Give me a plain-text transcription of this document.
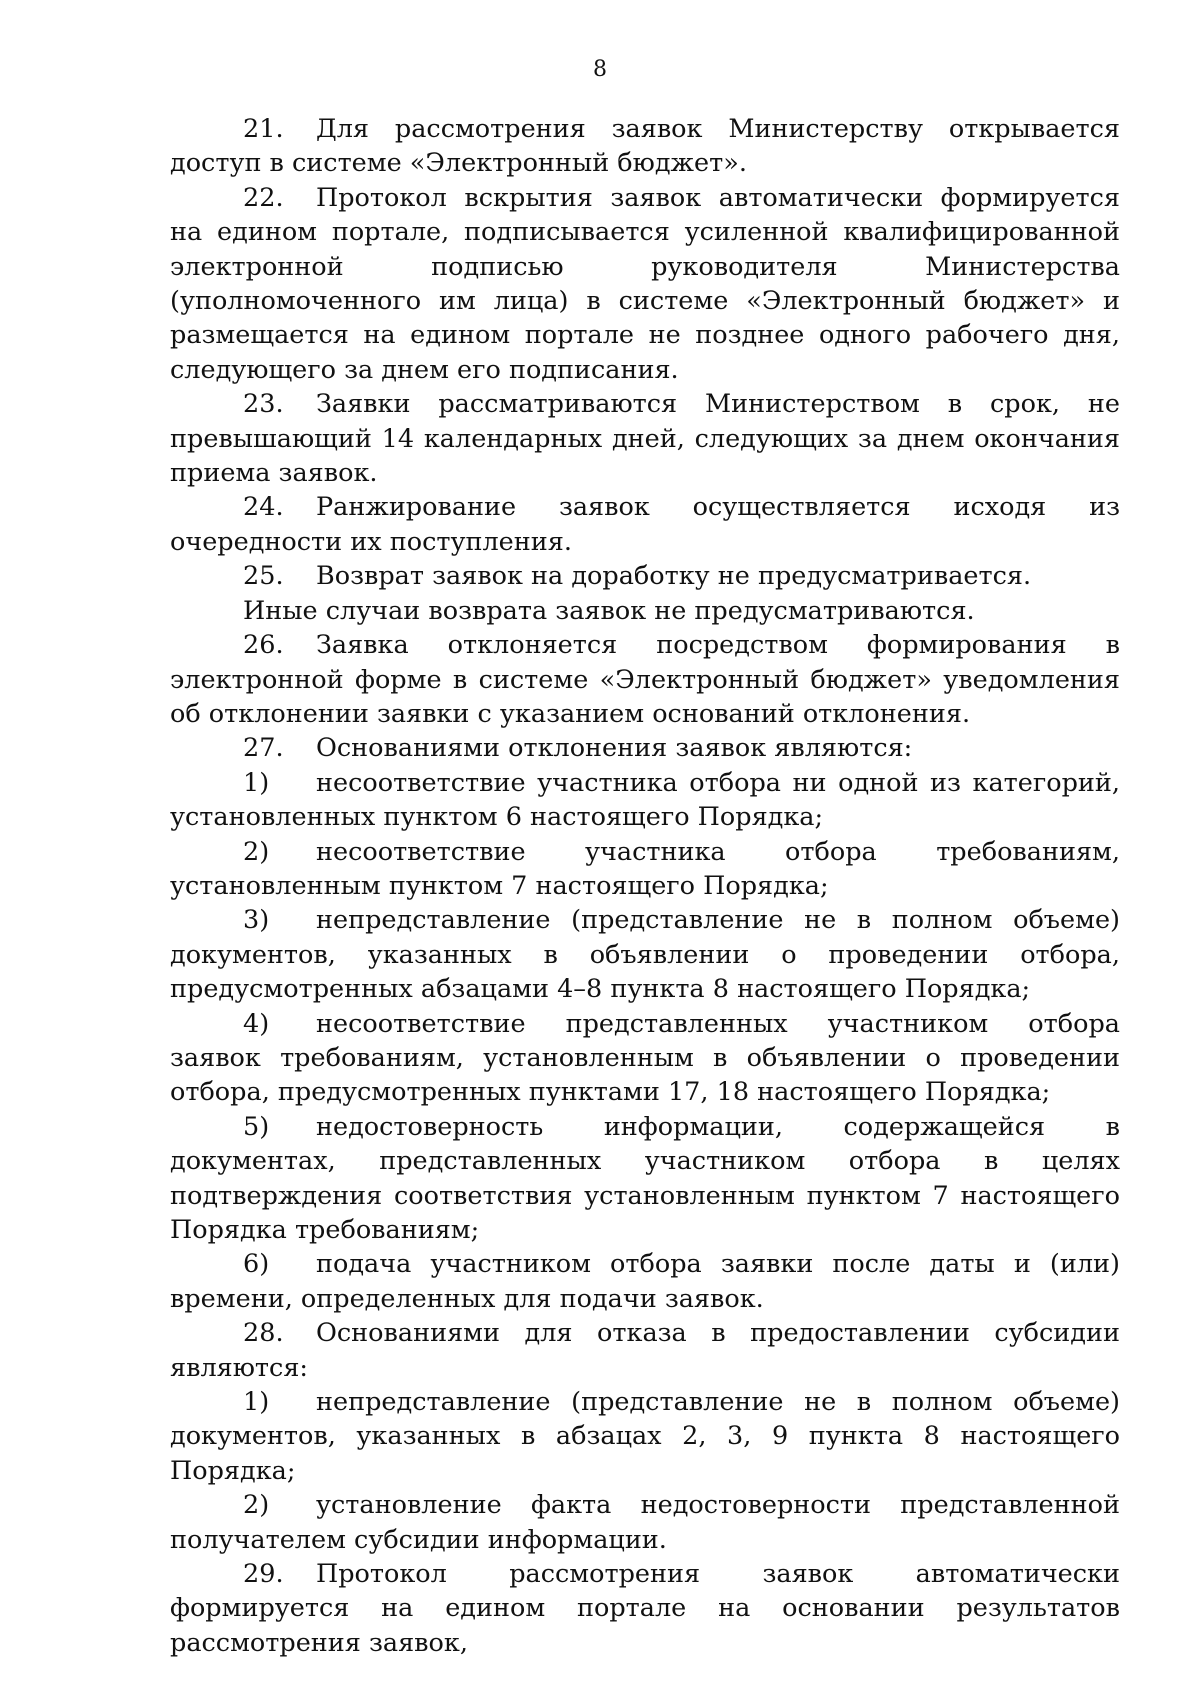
8

21. Для рассмотрения заявок Министерству открывается доступ в системе «Электронный бюджет».

22. Протокол вскрытия заявок автоматически формируется на едином портале, подписывается усиленной квалифицированной электронной подписью руководителя Министерства (уполномоченного им лица) в системе «Электронный бюджет» и размещается на едином портале не позднее одного рабочего дня, следующего за днем его подписания.

23. Заявки рассматриваются Министерством в срок, не превышающий 14 календарных дней, следующих за днем окончания приема заявок.

24. Ранжирование заявок осуществляется исходя из очередности их поступления.

25. Возврат заявок на доработку не предусматривается.

Иные случаи возврата заявок не предусматриваются.

26. Заявка отклоняется посредством формирования в электронной форме в системе «Электронный бюджет» уведомления об отклонении заявки с указанием оснований отклонения.

27. Основаниями отклонения заявок являются:

1) несоответствие участника отбора ни одной из категорий, установленных пунктом 6 настоящего Порядка;

2) несоответствие участника отбора требованиям, установленным пунктом 7 настоящего Порядка;

3) непредставление (представление не в полном объеме) документов, указанных в объявлении о проведении отбора, предусмотренных абзацами 4–8 пункта 8 настоящего Порядка;

4) несоответствие представленных участником отбора заявок требованиям, установленным в объявлении о проведении отбора, предусмотренных пунктами 17, 18 настоящего Порядка;

5) недостоверность информации, содержащейся в документах, представленных участником отбора в целях подтверждения соответствия установленным пунктом 7 настоящего Порядка требованиям;

6) подача участником отбора заявки после даты и (или) времени, определенных для подачи заявок.

28. Основаниями для отказа в предоставлении субсидии являются:

1) непредставление (представление не в полном объеме) документов, указанных в абзацах 2, 3, 9 пункта 8 настоящего Порядка;

2) установление факта недостоверности представленной получателем субсидии информации.

29. Протокол рассмотрения заявок автоматически формируется на едином портале на основании результатов рассмотрения заявок,
